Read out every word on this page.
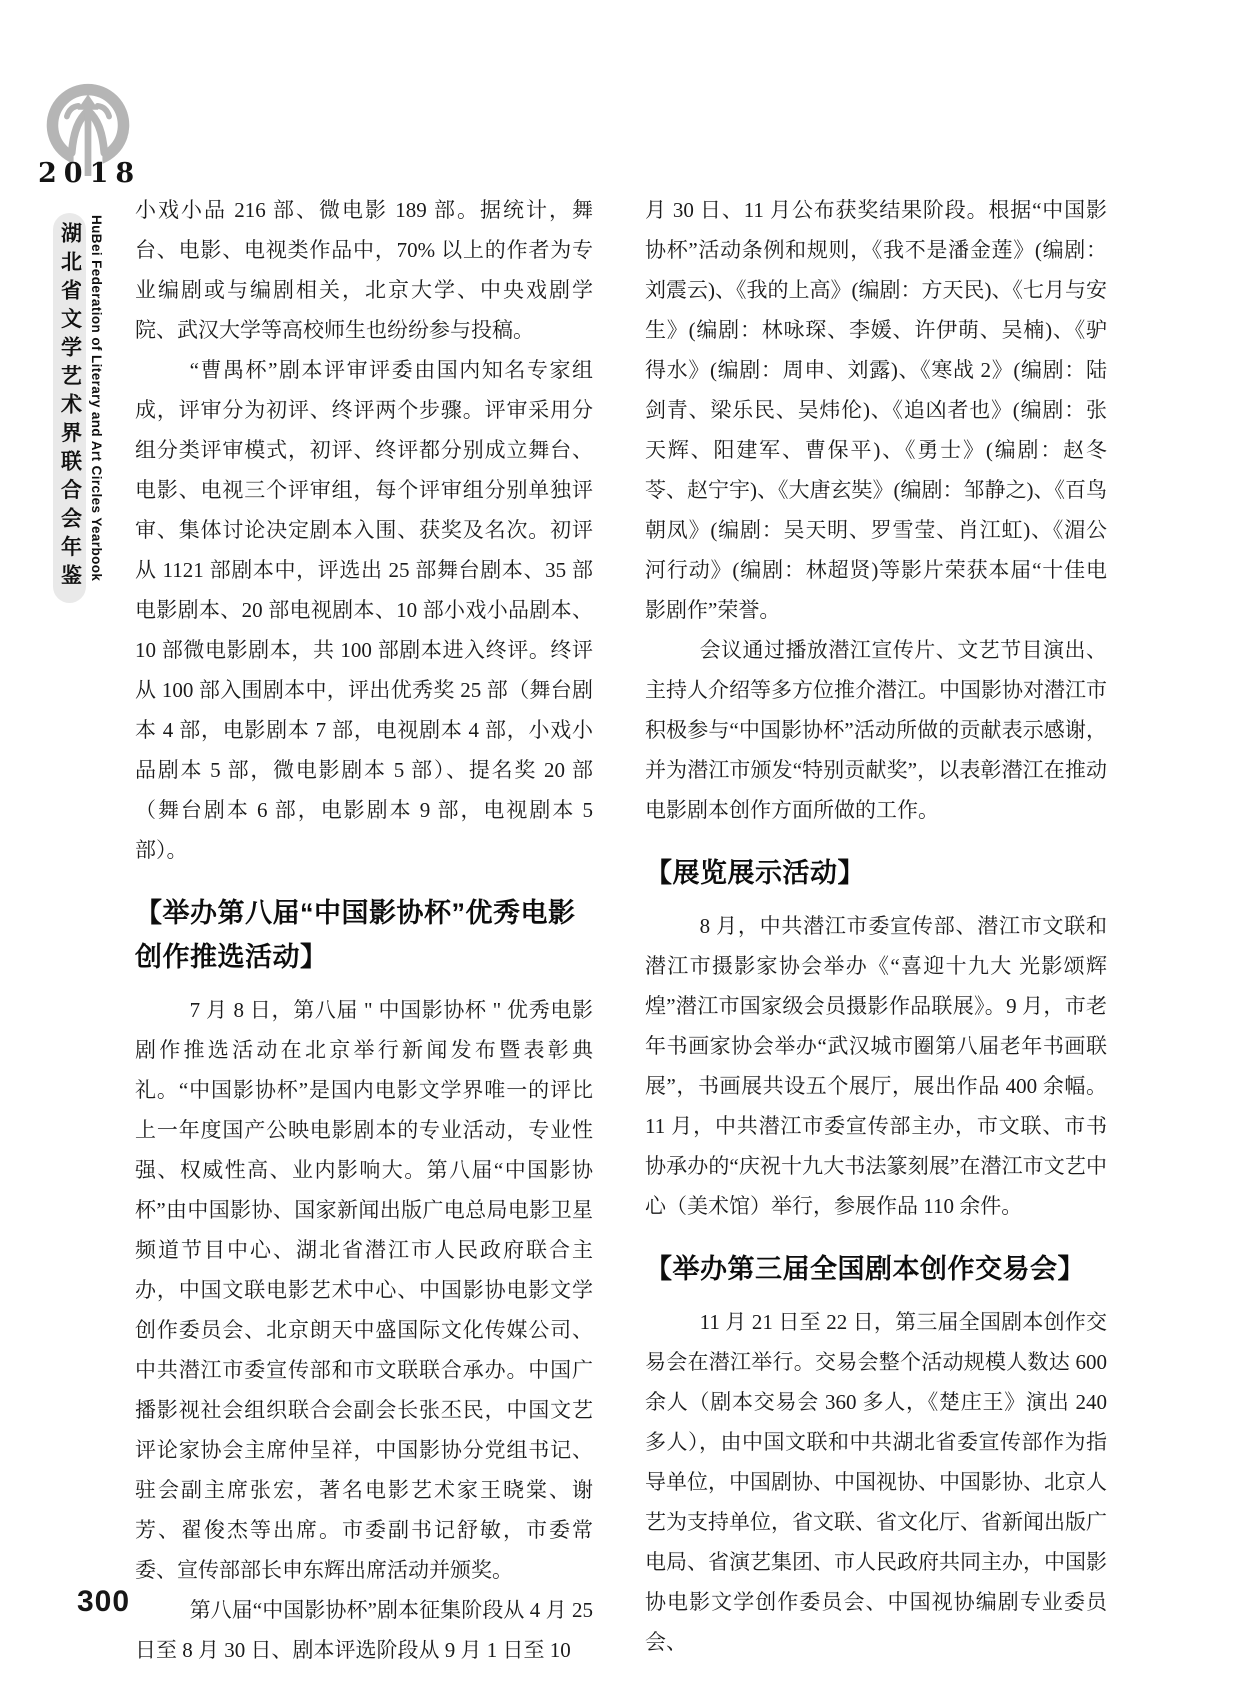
2018
湖北省文学艺术界联合会年鉴 HuBei Federation of Literary and Art Circles Yearbook

小戏小品 216 部、微电影 189 部。据统计，舞台、电影、电视类作品中，70% 以上的作者为专业编剧或与编剧相关，北京大学、中央戏剧学院、武汉大学等高校师生也纷纷参与投稿。

“曹禺杯”剧本评审评委由国内知名专家组成，评审分为初评、终评两个步骤。评审采用分组分类评审模式，初评、终评都分别成立舞台、电影、电视三个评审组，每个评审组分别单独评审、集体讨论决定剧本入围、获奖及名次。初评从 1121 部剧本中，评选出 25 部舞台剧本、35 部电影剧本、20 部电视剧本、10 部小戏小品剧本、10 部微电影剧本，共 100 部剧本进入终评。终评从 100 部入围剧本中，评出优秀奖 25 部（舞台剧本 4 部，电影剧本 7 部，电视剧本 4 部，小戏小品剧本 5 部，微电影剧本 5 部）、提名奖 20 部（舞台剧本 6 部，电影剧本 9 部，电视剧本 5 部）。

【举办第八届“中国影协杯”优秀电影创作推选活动】

7 月 8 日，第八届 " 中国影协杯 " 优秀电影剧作推选活动在北京举行新闻发布暨表彰典礼。“中国影协杯”是国内电影文学界唯一的评比上一年度国产公映电影剧本的专业活动，专业性强、权威性高、业内影响大。第八届“中国影协杯”由中国影协、国家新闻出版广电总局电影卫星频道节目中心、湖北省潜江市人民政府联合主办，中国文联电影艺术中心、中国影协电影文学创作委员会、北京朗天中盛国际文化传媒公司、中共潜江市委宣传部和市文联联合承办。中国广播影视社会组织联合会副会长张丕民，中国文艺评论家协会主席仲呈祥，中国影协分党组书记、驻会副主席张宏，著名电影艺术家王晓棠、谢芳、翟俊杰等出席。市委副书记舒敏，市委常委、宣传部部长申东辉出席活动并颁奖。

第八届“中国影协杯”剧本征集阶段从 4 月 25 日至 8 月 30 日、剧本评选阶段从 9 月 1 日至 10

月 30 日、11 月公布获奖结果阶段。根据“中国影协杯”活动条例和规则，《我不是潘金莲》(编剧：刘震云)、《我的上高》(编剧：方天民)、《七月与安生》(编剧：林咏琛、李媛、许伊萌、吴楠)、《驴得水》(编剧：周申、刘露)、《寒战 2》(编剧：陆剑青、梁乐民、吴炜伦)、《追凶者也》(编剧：张天辉、阳建军、曹保平)、《勇士》(编剧：赵冬苓、赵宁宇)、《大唐玄奘》(编剧：邹静之)、《百鸟朝凤》(编剧：吴天明、罗雪莹、肖江虹)、《湄公河行动》(编剧：林超贤)等影片荣获本届“十佳电影剧作”荣誉。

会议通过播放潜江宣传片、文艺节目演出、主持人介绍等多方位推介潜江。中国影协对潜江市积极参与“中国影协杯”活动所做的贡献表示感谢，并为潜江市颁发“特别贡献奖”，以表彰潜江在推动电影剧本创作方面所做的工作。

【展览展示活动】

8 月，中共潜江市委宣传部、潜江市文联和潜江市摄影家协会举办《“喜迎十九大 光影颂辉煌”潜江市国家级会员摄影作品联展》。9 月，市老年书画家协会举办“武汉城市圈第八届老年书画联展”，书画展共设五个展厅，展出作品 400 余幅。11 月，中共潜江市委宣传部主办，市文联、市书协承办的“庆祝十九大书法篆刻展”在潜江市文艺中心（美术馆）举行，参展作品 110 余件。

【举办第三届全国剧本创作交易会】

11 月 21 日至 22 日，第三届全国剧本创作交易会在潜江举行。交易会整个活动规模人数达 600 余人（剧本交易会 360 多人，《楚庄王》演出 240 多人），由中国文联和中共湖北省委宣传部作为指导单位，中国剧协、中国视协、中国影协、北京人艺为支持单位，省文联、省文化厅、省新闻出版广电局、省演艺集团、市人民政府共同主办，中国影协电影文学创作委员会、中国视协编剧专业委员会、

300
